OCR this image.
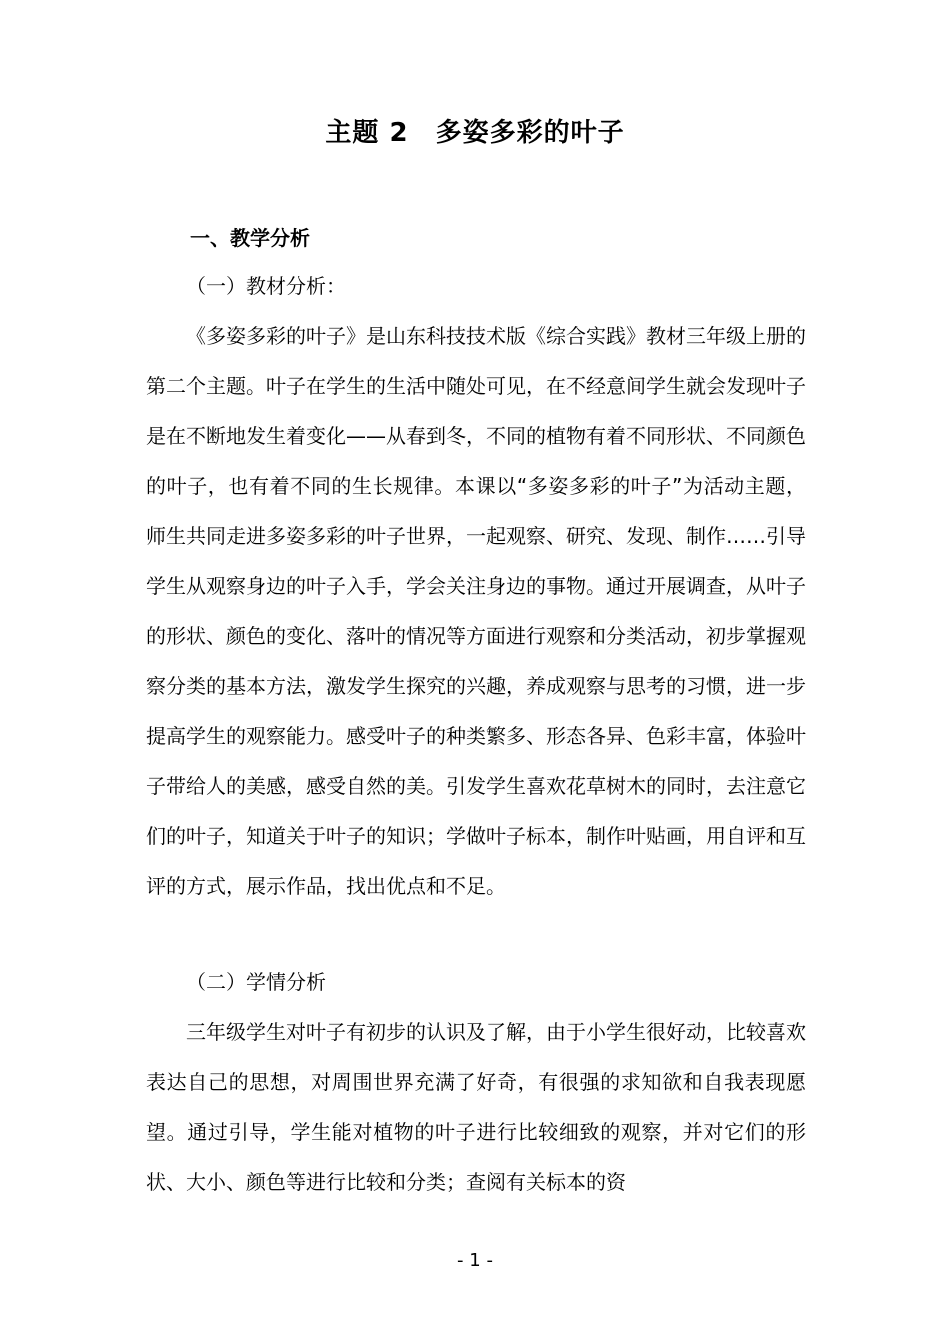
主题 2　多姿多彩的叶子
一、教学分析
（一）教材分析：
《多姿多彩的叶子》是山东科技技术版《综合实践》教材三年级上册的第二个主题。叶子在学生的生活中随处可见，在不经意间学生就会发现叶子是在不断地发生着变化——从春到冬，不同的植物有着不同形状、不同颜色的叶子，也有着不同的生长规律。本课以“多姿多彩的叶子”为活动主题，师生共同走进多姿多彩的叶子世界，一起观察、研究、发现、制作……引导学生从观察身边的叶子入手，学会关注身边的事物。通过开展调查，从叶子的形状、颜色的变化、落叶的情况等方面进行观察和分类活动，初步掌握观察分类的基本方法，激发学生探究的兴趣，养成观察与思考的习惯，进一步提高学生的观察能力。感受叶子的种类繁多、形态各异、色彩丰富，体验叶子带给人的美感，感受自然的美。引发学生喜欢花草树木的同时，去注意它们的叶子，知道关于叶子的知识；学做叶子标本，制作叶贴画，用自评和互评的方式，展示作品，找出优点和不足。
（二）学情分析
三年级学生对叶子有初步的认识及了解，由于小学生很好动，比较喜欢表达自己的思想，对周围世界充满了好奇，有很强的求知欲和自我表现愿望。通过引导，学生能对植物的叶子进行比较细致的观察，并对它们的形状、大小、颜色等进行比较和分类；查阅有关标本的资
- 1 -
